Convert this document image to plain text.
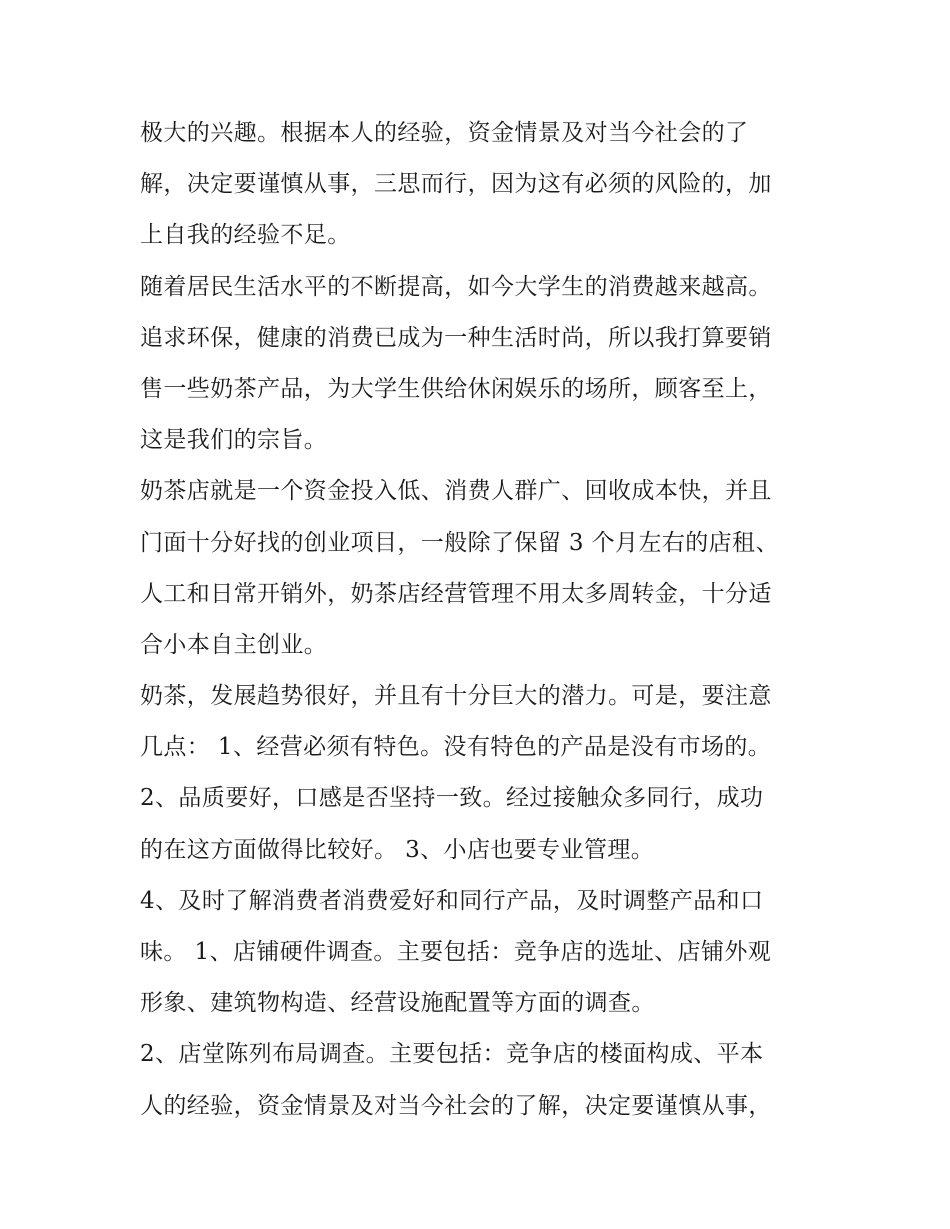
极大的兴趣。根据本人的经验，资金情景及对当今社会的了
解，决定要谨慎从事，三思而行，因为这有必须的风险的，加
上自我的经验不足。
随着居民生活水平的不断提高，如今大学生的消费越来越高。
追求环保，健康的消费已成为一种生活时尚，所以我打算要销
售一些奶茶产品，为大学生供给休闲娱乐的场所，顾客至上，
这是我们的宗旨。
奶茶店就是一个资金投入低、消费人群广、回收成本快，并且
门面十分好找的创业项目，一般除了保留 3 个月左右的店租、
人工和日常开销外，奶茶店经营管理不用太多周转金，十分适
合小本自主创业。
奶茶，发展趋势很好，并且有十分巨大的潜力。可是，要注意
几点： 1、经营必须有特色。没有特色的产品是没有市场的。
2、品质要好，口感是否坚持一致。经过接触众多同行，成功
的在这方面做得比较好。 3、小店也要专业管理。
4、及时了解消费者消费爱好和同行产品，及时调整产品和口
味。 1、店铺硬件调查。主要包括：竞争店的选址、店铺外观
形象、建筑物构造、经营设施配置等方面的调查。
2、店堂陈列布局调查。主要包括：竞争店的楼面构成、平本
人的经验，资金情景及对当今社会的了解，决定要谨慎从事，
